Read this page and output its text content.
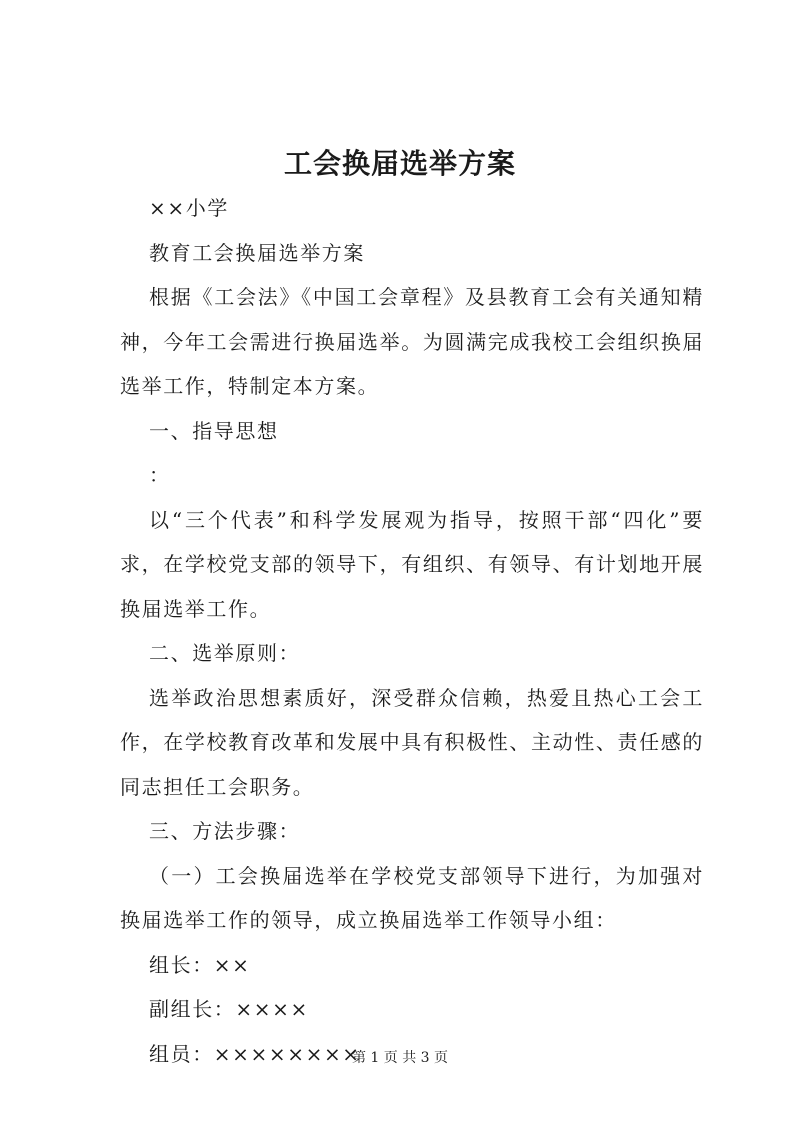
工会换届选举方案

××小学

教育工会换届选举方案

根据《工会法》《中国工会章程》及县教育工会有关通知精神，今年工会需进行换届选举。为圆满完成我校工会组织换届选举工作，特制定本方案。

一、指导思想

：

以“三个代表”和科学发展观为指导，按照干部“四化”要求，在学校党支部的领导下，有组织、有领导、有计划地开展换届选举工作。

二、选举原则：

选举政治思想素质好，深受群众信赖，热爱且热心工会工作，在学校教育改革和发展中具有积极性、主动性、责任感的同志担任工会职务。

三、方法步骤：

（一）工会换届选举在学校党支部领导下进行，为加强对换届选举工作的领导，成立换届选举工作领导小组：

组长：××

副组长：××××

组员：××××××××

第 1 页 共 3 页
